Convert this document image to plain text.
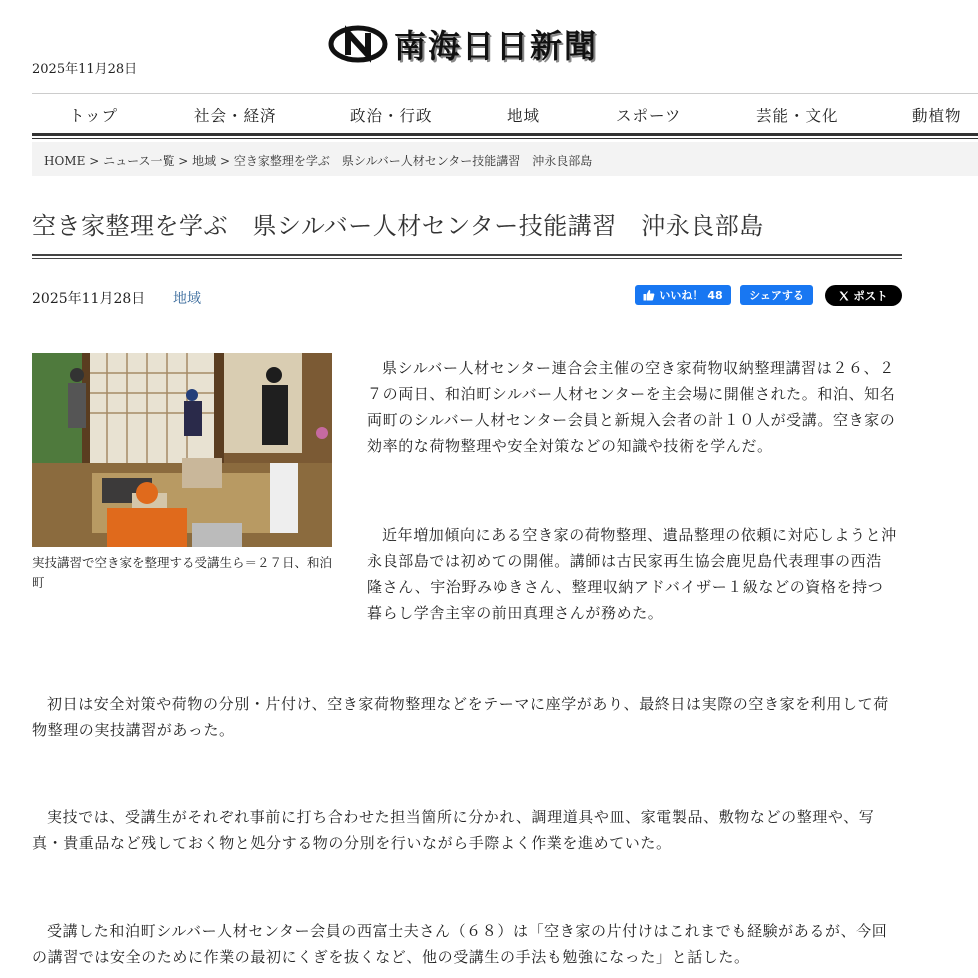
2025年11月28日
南海日日新聞
トップ	社会・経済	政治・行政	地域	スポーツ	芸能・文化	動植物
HOME > ニュース一覧 > 地域 > 空き家整理を学ぶ　県シルバー人材センター技能講習　沖永良部島
空き家整理を学ぶ　県シルバー人材センター技能講習　沖永良部島
2025年11月28日 地域	いいね！ 48 シェアする	ポスト
実技講習で空き家を整理する受講生ら＝２７日、和泊町

県シルバー人材センター連合会主催の空き家荷物収納整理講習は２６、２７の両日、和泊町シルバー人材センターを主会場に開催された。和泊、知名両町のシルバー人材センター会員と新規入会者の計１０人が受講。空き家の効率的な荷物整理や安全対策などの知識や技術を学んだ。

近年増加傾向にある空き家の荷物整理、遺品整理の依頼に対応しようと沖永良部島では初めての開催。講師は古民家再生協会鹿児島代表理事の西浩隆さん、宇治野みゆきさん、整理収納アドバイザー１級などの資格を持つ暮らし学舎主宰の前田真理さんが務めた。

初日は安全対策や荷物の分別・片付け、空き家荷物整理などをテーマに座学があり、最終日は実際の空き家を利用して荷物整理の実技講習があった。

実技では、受講生がそれぞれ事前に打ち合わせた担当箇所に分かれ、調理道具や皿、家電製品、敷物などの整理や、写真・貴重品など残しておく物と処分する物の分別を行いながら手際よく作業を進めていた。

受講した和泊町シルバー人材センター会員の西富士夫さん（６８）は「空き家の片付けはこれまでも経験があるが、今回の講習では安全のために作業の最初にくぎを抜くなど、他の受講生の手法も勉強になった」と話した。
